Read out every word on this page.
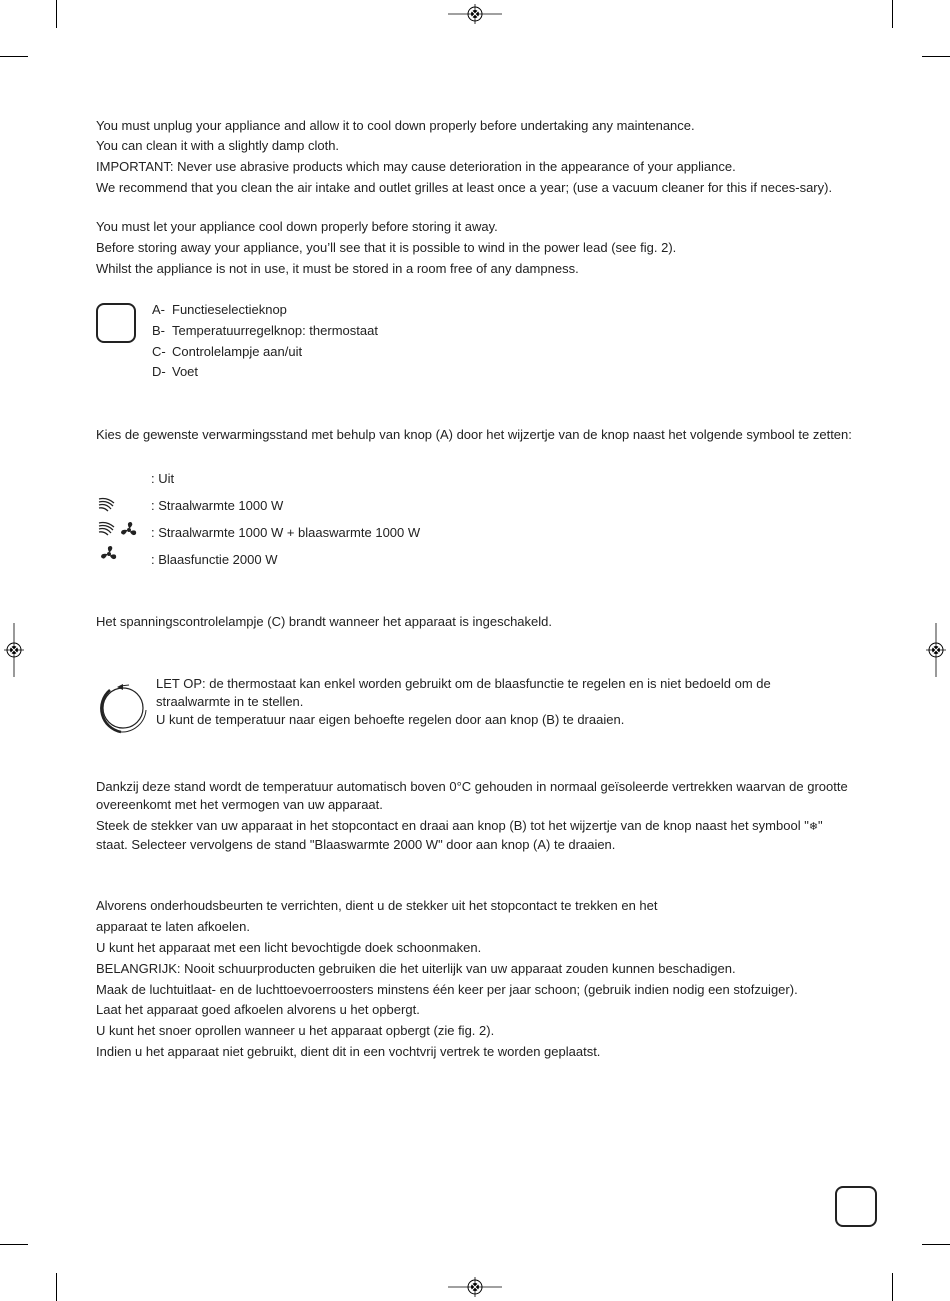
You must unplug your appliance and allow it to cool down properly before undertaking any maintenance.
You can clean it with a slightly damp cloth.
IMPORTANT: Never use abrasive products which may cause deterioration in the appearance of your appliance.
We recommend that you clean the air intake and outlet grilles at least once a year; (use a vacuum cleaner for this if neces-sary).
You must let your appliance cool down properly before storing it away.
Before storing away your appliance, you’ll see that it is possible to wind in the power lead (see fig. 2).
Whilst the appliance is not in use, it must be stored in a room free of any dampness.
A- Functieselectieknop
B- Temperatuurregelknop: thermostaat
C- Controlelampje aan/uit
D- Voet
Kies de gewenste verwarmingsstand met behulp van knop (A) door het wijzertje van de knop naast het volgende symbool te zetten:
: Uit
: Straalwarmte 1000 W
: Straalwarmte 1000 W + blaaswarmte 1000 W
: Blaasfunctie 2000 W
Het spanningscontrolelampje (C) brandt wanneer het apparaat is ingeschakeld.
LET OP: de thermostaat kan enkel worden gebruikt om de blaasfunctie te regelen en is niet bedoeld om de straalwarmte in te stellen.
U kunt de temperatuur naar eigen behoefte regelen door aan knop (B) te draaien.
Dankzij deze stand wordt de temperatuur automatisch boven 0°C gehouden in normaal geïsoleerde vertrekken waarvan de grootte overeenkomt met het vermogen van uw apparaat.
Steek de stekker van uw apparaat in het stopcontact en draai aan knop (B) tot het wijzertje van de knop naast het symbool "❄" staat. Selecteer vervolgens de stand "Blaaswarmte 2000 W" door aan knop (A) te draaien.
Alvorens onderhoudsbeurten te verrichten, dient u de stekker uit het stopcontact te trekken en het
apparaat te laten afkoelen.
U kunt het apparaat met een licht bevochtigde doek schoonmaken.
BELANGRIJK: Nooit schuurproducten gebruiken die het uiterlijk van uw apparaat zouden kunnen beschadigen.
Maak de luchtuitlaat- en de luchttoevoerroosters minstens één keer per jaar schoon; (gebruik indien nodig een stofzuiger).
Laat het apparaat goed afkoelen alvorens u het opbergt.
U kunt het snoer oprollen wanneer u het apparaat opbergt (zie fig. 2).
Indien u het apparaat niet gebruikt, dient dit in een vochtvrij vertrek te worden geplaatst.
